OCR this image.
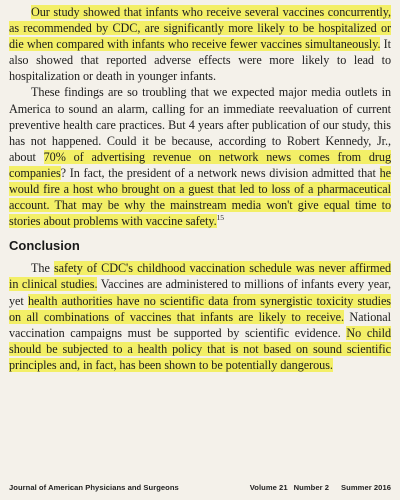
Our study showed that infants who receive several vaccines concurrently, as recommended by CDC, are significantly more likely to be hospitalized or die when compared with infants who receive fewer vaccines simultaneously. It also showed that reported adverse effects were more likely to lead to hospitalization or death in younger infants.

These findings are so troubling that we expected major media outlets in America to sound an alarm, calling for an immediate reevaluation of current preventive health care practices. But 4 years after publication of our study, this has not happened. Could it be because, according to Robert Kennedy, Jr., about 70% of advertising revenue on network news comes from drug companies? In fact, the president of a network news division admitted that he would fire a host who brought on a guest that led to loss of a pharmaceutical account. That may be why the mainstream media won't give equal time to stories about problems with vaccine safety.$^{15}$

Conclusion

The safety of CDC's childhood vaccination schedule was never affirmed in clinical studies. Vaccines are administered to millions of infants every year, yet health authorities have no scientific data from synergistic toxicity studies on all combinations of vaccines that infants are likely to receive. National vaccination campaigns must be supported by scientific evidence. No child should be subjected to a health policy that is not based on sound scientific principles and, in fact, has been shown to be potentially dangerous.

Journal of American Physicians and Surgeons	Volume 21 Number 2 Summer 2016
